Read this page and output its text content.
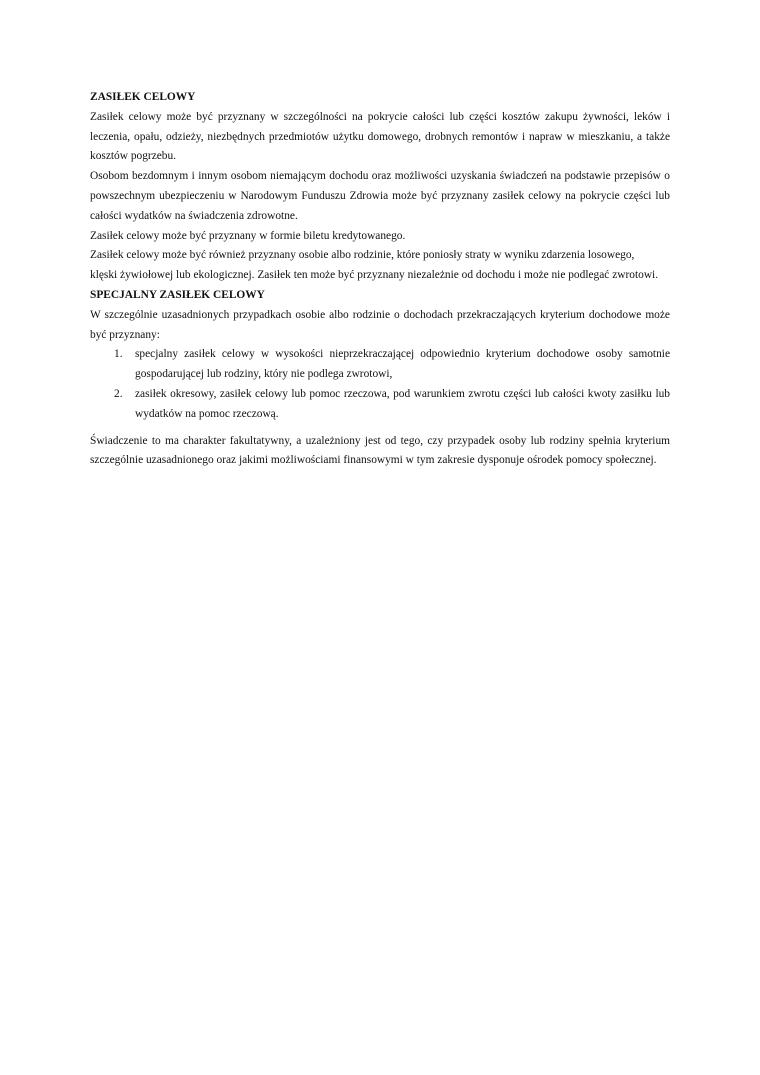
ZASIŁEK CELOWY

Zasiłek celowy może być przyznany w szczególności na pokrycie całości lub części kosztów zakupu żywności, leków i

leczenia, opału, odzieży, niezbędnych przedmiotów użytku domowego, drobnych remontów i napraw w mieszkaniu, a także

kosztów pogrzebu.

Osobom bezdomnym i innym osobom niemającym dochodu oraz możliwości uzyskania świadczeń na podstawie przepisów o

powszechnym ubezpieczeniu w Narodowym Funduszu Zdrowia może być przyznany zasiłek celowy na pokrycie części lub

całości wydatków na świadczenia zdrowotne.

Zasiłek celowy może być przyznany w formie biletu kredytowanego.

Zasiłek celowy może być również przyznany osobie albo rodzinie, które poniosły straty w wyniku zdarzenia losowego,

klęski żywiołowej lub ekologicznej. Zasiłek ten może być przyznany niezależnie od dochodu i może nie podlegać zwrotowi.

SPECJALNY ZASIŁEK CELOWY

W szczególnie uzasadnionych przypadkach osobie albo rodzinie o dochodach przekraczających kryterium dochodowe może

być przyznany:

1. specjalny zasiłek celowy w wysokości nieprzekraczającej odpowiednio kryterium dochodowe osoby samotnie

gospodarującej lub rodziny, który nie podlega zwrotowi,

2. zasiłek okresowy, zasiłek celowy lub pomoc rzeczowa, pod warunkiem zwrotu części lub całości kwoty zasiłku lub

wydatków na pomoc rzeczową.

Świadczenie to ma charakter fakultatywny, a uzależniony jest od tego, czy przypadek osoby lub rodziny spełnia kryterium

szczególnie uzasadnionego oraz jakimi możliwościami finansowymi w tym zakresie dysponuje ośrodek pomocy społecznej.
